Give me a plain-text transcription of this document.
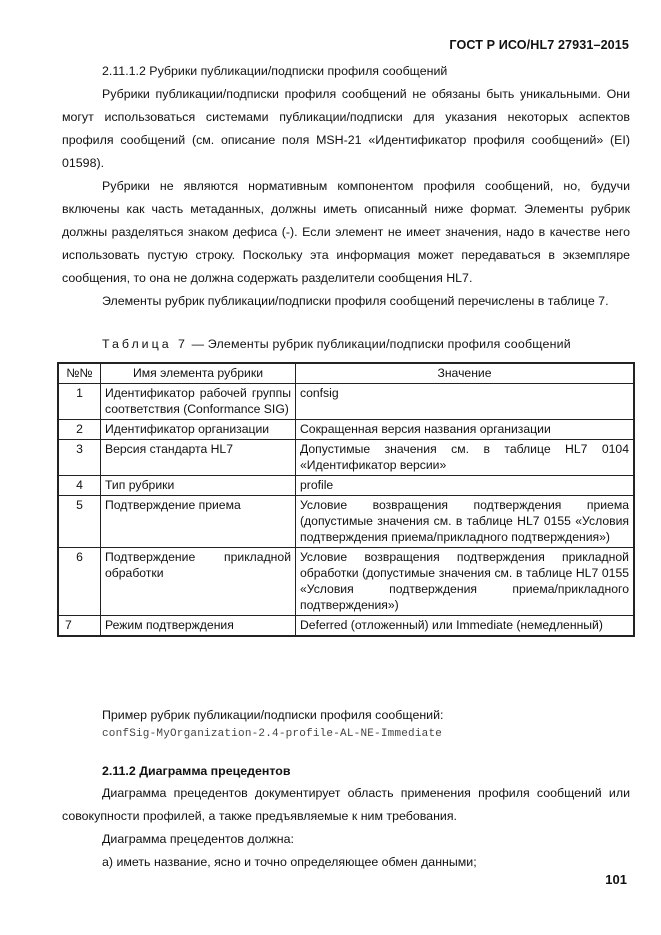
ГОСТ Р ИСО/HL7 27931–2015
2.11.1.2 Рубрики публикации/подписки профиля сообщений
Рубрики публикации/подписки профиля сообщений не обязаны быть уникальными. Они могут использоваться системами публикации/подписки для указания некоторых аспектов профиля сообщений (см. описание поля MSH-21 «Идентификатор профиля сообщений» (EI) 01598).
Рубрики не являются нормативным компонентом профиля сообщений, но, будучи включены как часть метаданных, должны иметь описанный ниже формат. Элементы рубрик должны разделяться знаком дефиса (-). Если элемент не имеет значения, надо в качестве него использовать пустую строку. Поскольку эта информация может передаваться в экземпляре сообщения, то она не должна содержать разделители сообщения HL7.
Элементы рубрик публикации/подписки профиля сообщений перечислены в таблице 7.
Таблица 7 — Элементы рубрик публикации/подписки профиля сообщений
№№	Имя элемента рубрики	Значение
1	Идентификатор рабочей группы соответствия (Conformance SIG)	confsig
2	Идентификатор организации	Сокращенная версия названия организации
3	Версия стандарта HL7	Допустимые значения см. в таблице HL7 0104 «Идентификатор версии»
4	Тип рубрики	profile
5	Подтверждение приема	Условие возвращения подтверждения приема (допустимые значения см. в таблице HL7 0155 «Условия подтверждения приема/прикладного подтверждения»)
6	Подтверждение прикладной обработки	Условие возвращения подтверждения прикладной обработки (допустимые значения см. в таблице HL7 0155 «Условия подтверждения приема/прикладного подтверждения»)
7	Режим подтверждения	Deferred (отложенный) или Immediate (немедленный)
Пример рубрик публикации/подписки профиля сообщений:
confSig-MyOrganization-2.4-profile-AL-NE-Immediate
2.11.2 Диаграмма прецедентов
Диаграмма прецедентов документирует область применения профиля сообщений или совокупности профилей, а также предъявляемые к ним требования.
Диаграмма прецедентов должна:
а) иметь название, ясно и точно определяющее обмен данными;
101
